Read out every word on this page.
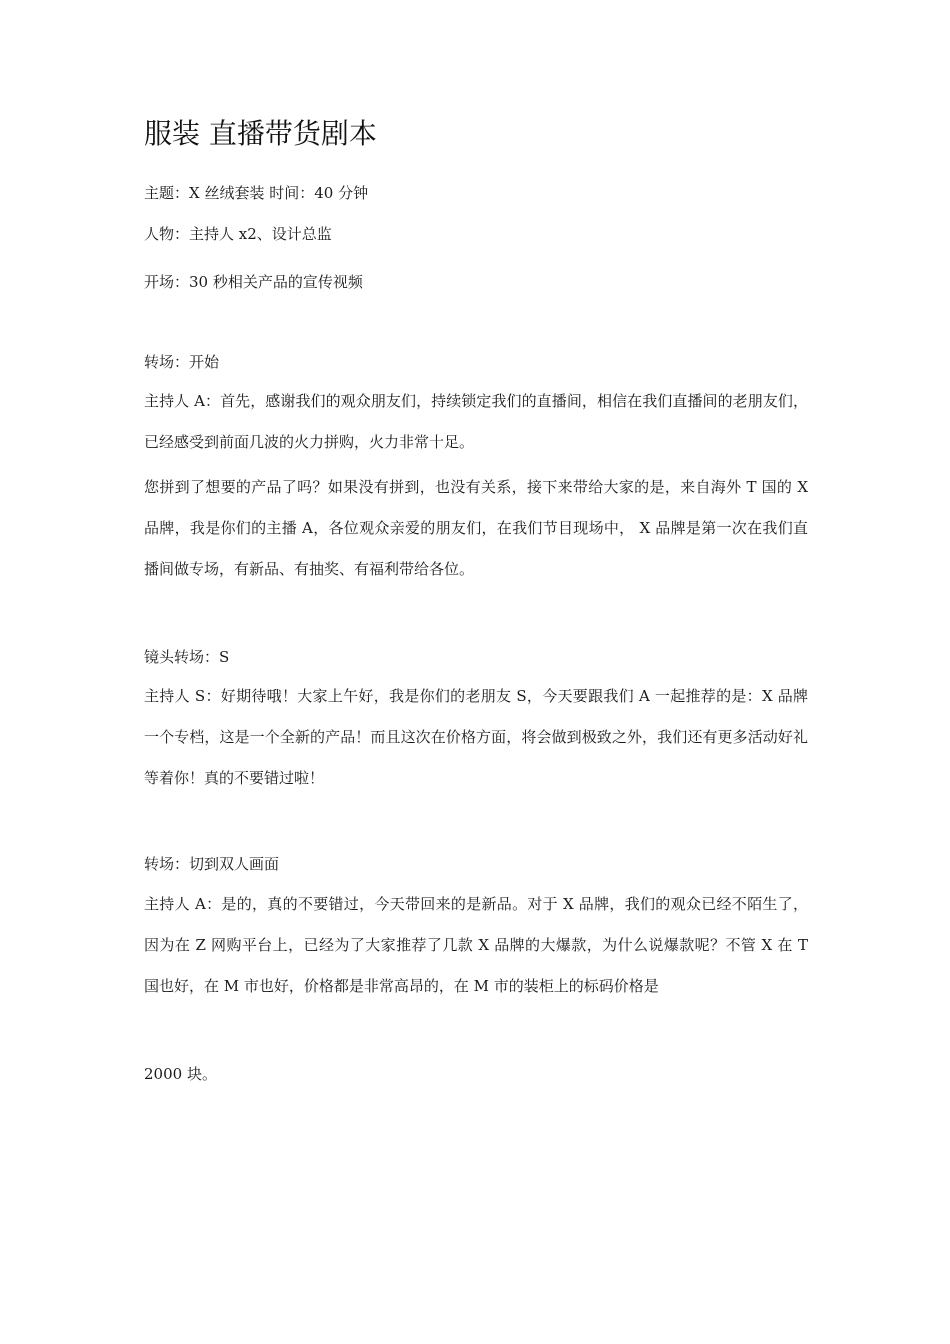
服装 直播带货剧本
主题：X 丝绒套装 时间：40 分钟
人物：主持人 x2、设计总监
开场：30 秒相关产品的宣传视频
转场：开始
主持人 A：首先，感谢我们的观众朋友们，持续锁定我们的直播间，相信在我们直播间的老朋友们，已经感受到前面几波的火力拼购，火力非常十足。
您拼到了想要的产品了吗？如果没有拼到，也没有关系，接下来带给大家的是，来自海外 T 国的 X 品牌，我是你们的主播 A，各位观众亲爱的朋友们，在我们节目现场中， X 品牌是第一次在我们直播间做专场，有新品、有抽奖、有福利带给各位。
镜头转场：S
主持人 S：好期待哦！大家上午好，我是你们的老朋友 S，今天要跟我们 A 一起推荐的是：X 品牌一个专档，这是一个全新的产品！而且这次在价格方面，将会做到极致之外，我们还有更多活动好礼等着你！真的不要错过啦！
转场：切到双人画面
主持人 A：是的，真的不要错过，今天带回来的是新品。对于 X 品牌，我们的观众已经不陌生了，因为在 Z 网购平台上，已经为了大家推荐了几款 X 品牌的大爆款，为什么说爆款呢？不管 X 在 T 国也好，在 M 市也好，价格都是非常高昂的，在 M 市的装柜上的标码价格是
2000 块。
